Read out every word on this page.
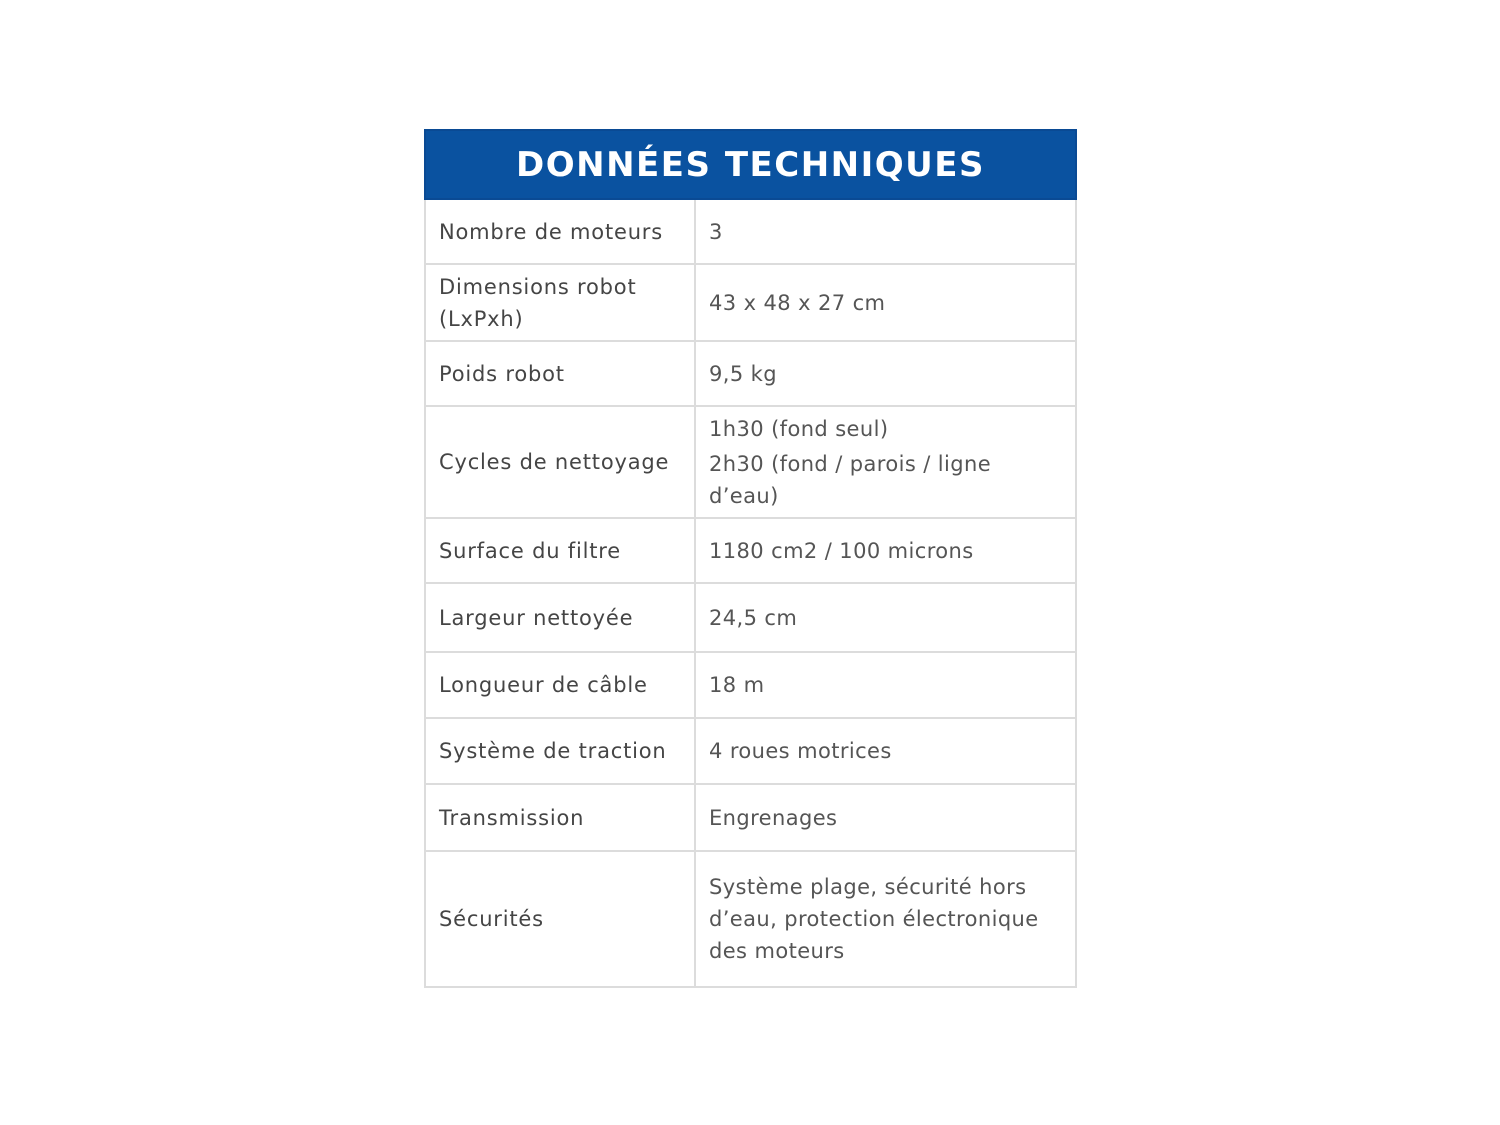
DONNÉES TECHNIQUES	
Nombre de moteurs	3

Dimensions robot (LxPxh)	43 x 48 x 27 cm

Poids robot	9,5 kg

Cycles de nettoyage	1h30 (fond seul)
2h30 (fond / parois / ligne d’eau)

Surface du filtre	1180 cm2 / 100 microns

Largeur nettoyée	24,5 cm

Longueur de câble	18 m

Système de traction	4 roues motrices

Transmission	Engrenages

Sécurités	Système plage, sécurité hors d’eau, protection électronique des moteurs
